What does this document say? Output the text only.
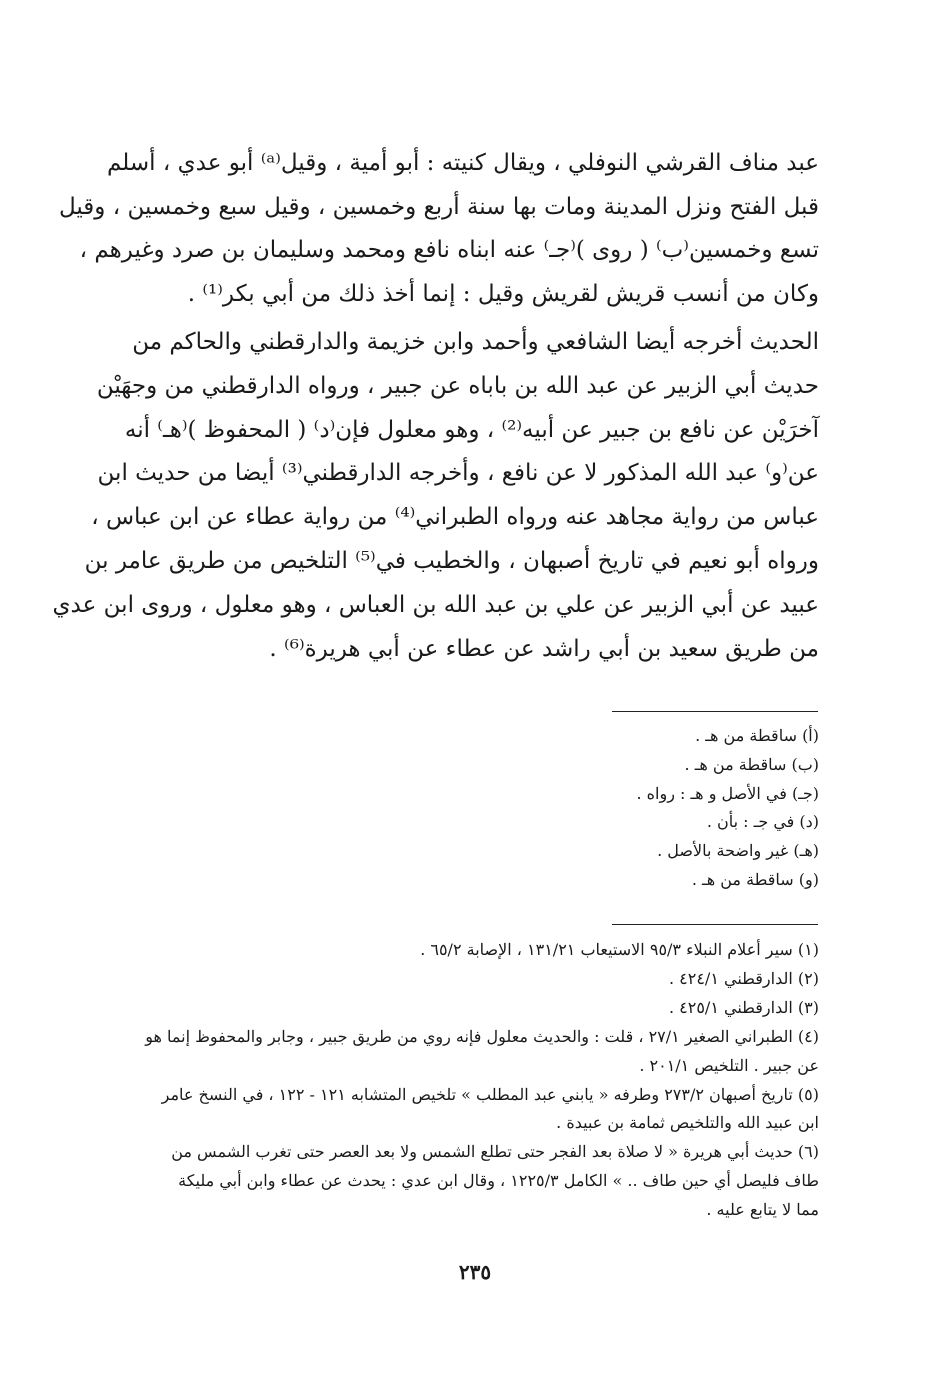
عبد مناف القرشي النوفلي ، ويقال كنيته : أبو أمية ، وقيل⁽ᵃ⁾ أبو عدي ، أسلم
قبل الفتح ونزل المدينة ومات بها سنة أربع وخمسين ، وقيل سبع وخمسين ، وقيل
تسع وخمسين⁽ب⁾ ( روى )⁽جـ⁾ عنه ابناه نافع ومحمد وسليمان بن صرد وغيرهم ،
وكان من أنسب قريش لقريش وقيل : إنما أخذ ذلك من أبي بكر⁽¹⁾ .
الحديث أخرجه أيضا الشافعي وأحمد وابن خزيمة والدارقطني والحاكم من
حديث أبي الزبير عن عبد الله بن باباه عن جبير ، ورواه الدارقطني من وجهَيْن
آخرَيْن عن نافع بن جبير عن أبيه⁽²⁾ ، وهو معلول فإن⁽د⁾ ( المحفوظ )⁽هـ⁾ أنه
عن⁽و⁾ عبد الله المذكور لا عن نافع ، وأخرجه الدارقطني⁽³⁾ أيضا من حديث ابن
عباس من رواية مجاهد عنه ورواه الطبراني⁽⁴⁾ من رواية عطاء عن ابن عباس ،
ورواه أبو نعيم في تاريخ أصبهان ، والخطيب في⁽⁵⁾ التلخيص من طريق عامر بن
عبيد عن أبي الزبير عن علي بن عبد الله بن العباس ، وهو معلول ، وروى ابن عدي
من طريق سعيد بن أبي راشد عن عطاء عن أبي هريرة⁽⁶⁾ .
(أ) ساقطة من هـ .
(ب) ساقطة من هـ .
(جـ) في الأصل و هـ : رواه .
(د) في جـ : بأن .
(هـ) غير واضحة بالأصل .
(و) ساقطة من هـ .
(١) سير أعلام النبلاء ٩٥/٣ الاستيعاب ١٣١/٢١ ، الإصابة ٦٥/٢ .
(٢) الدارقطني ٤٢٤/١ .
(٣) الدارقطني ٤٢٥/١ .
(٤) الطبراني الصغير ٢٧/١ ، قلت : والحديث معلول فإنه روي من طريق جبير ، وجابر والمحفوظ إنما هو
عن جبير . التلخيص ٢٠١/١ .
(٥) تاريخ أصبهان ٢٧٣/٢ وطرفه « يابني عبد المطلب » تلخيص المتشابه ١٢١ - ١٢٢ ، في النسخ عامر
ابن عبيد الله والتلخيص ثمامة بن عبيدة .
(٦) حديث أبي هريرة « لا صلاة بعد الفجر حتى تطلع الشمس ولا بعد العصر حتى تغرب الشمس من
طاف فليصل أي حين طاف .. » الكامل ١٢٢٥/٣ ، وقال ابن عدي : يحدث عن عطاء وابن أبي مليكة
مما لا يتابع عليه .
٢٣٥
